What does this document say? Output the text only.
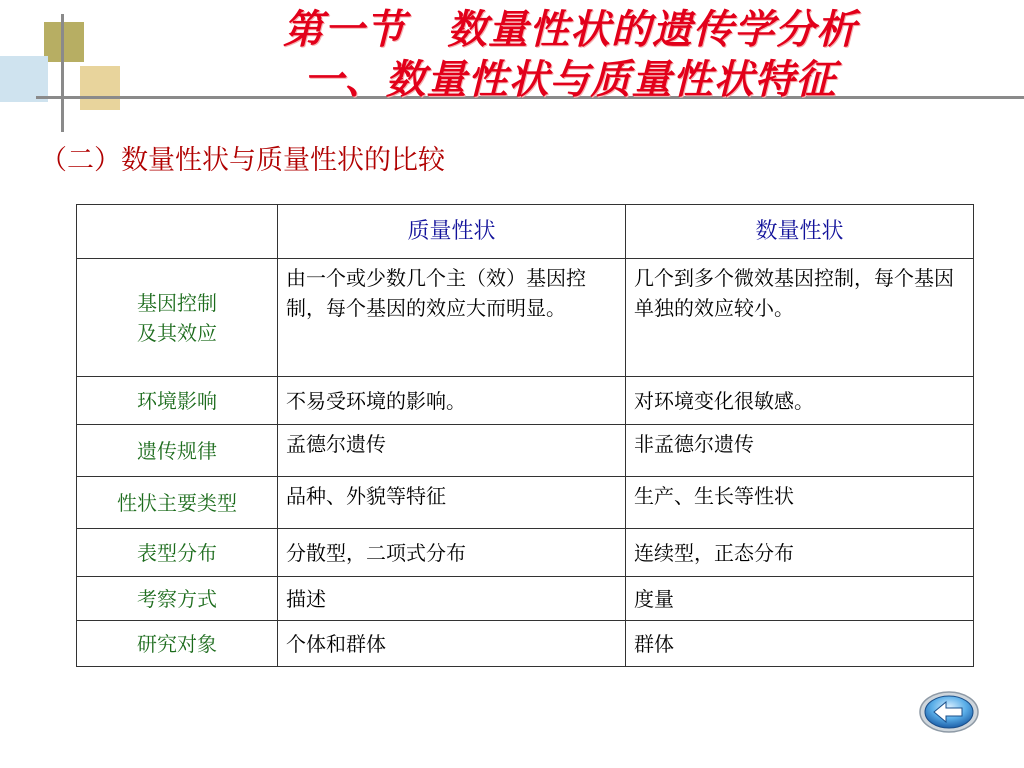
第一节　数量性状的遗传学分析
一、数量性状与质量性状特征
（二）数量性状与质量性状的比较
	质量性状	数量性状

基因控制
及其效应	由一个或少数几个主（效）基因控制，每个基因的效应大而明显。	几个到多个微效基因控制，每个基因单独的效应较小。
环境影响	不易受环境的影响。	对环境变化很敏感。
遗传规律	孟德尔遗传	非孟德尔遗传
性状主要类型	品种、外貌等特征	生产、生长等性状
表型分布	分散型，二项式分布	连续型，正态分布
考察方式	描述	度量
研究对象	个体和群体	群体
